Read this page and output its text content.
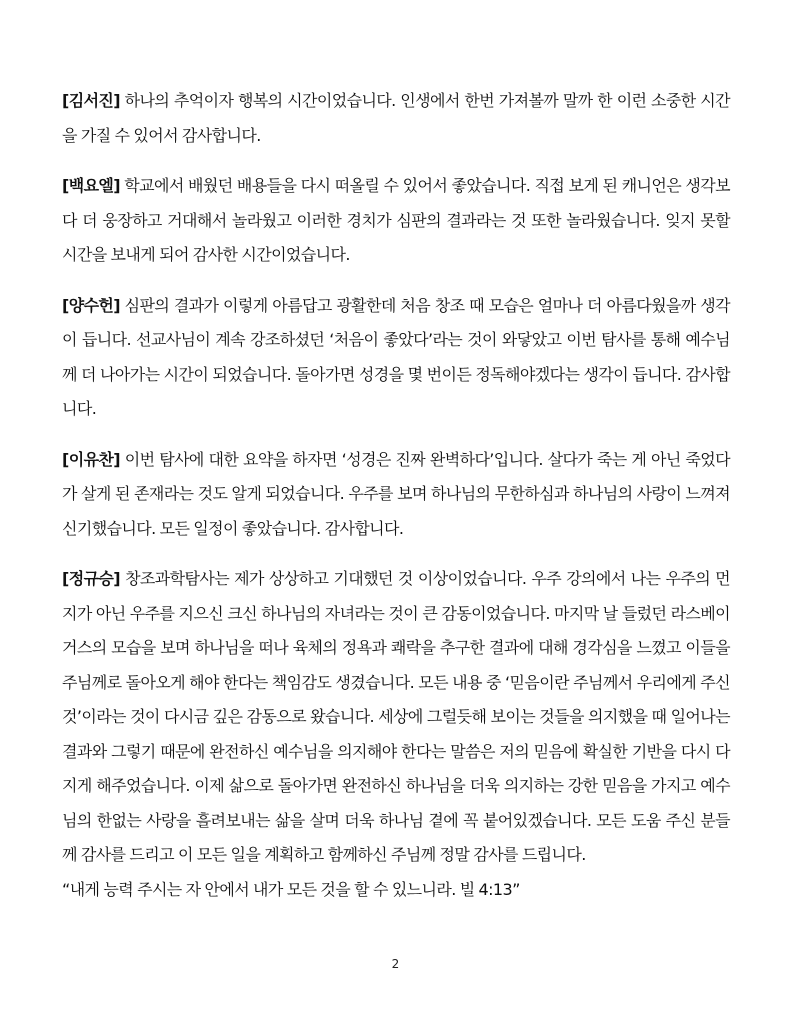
[김서진] 하나의 추억이자 행복의 시간이었습니다. 인생에서 한번 가져볼까 말까 한 이런 소중한 시간을 가질 수 있어서 감사합니다.

[백요엘] 학교에서 배웠던 배용들을 다시 떠올릴 수 있어서 좋았습니다. 직접 보게 된 캐니언은 생각보다 더 웅장하고 거대해서 놀라웠고 이러한 경치가 심판의 결과라는 것 또한 놀라웠습니다. 잊지 못할 시간을 보내게 되어 감사한 시간이었습니다.

[양수헌] 심판의 결과가 이렇게 아름답고 광활한데 처음 창조 때 모습은 얼마나 더 아름다웠을까 생각이 듭니다. 선교사님이 계속 강조하셨던 ‘처음이 좋았다’라는 것이 와닿았고 이번 탐사를 통해 예수님께 더 나아가는 시간이 되었습니다. 돌아가면 성경을 몇 번이든 정독해야겠다는 생각이 듭니다. 감사합니다.

[이유찬] 이번 탐사에 대한 요약을 하자면 ‘성경은 진짜 완벽하다’입니다. 살다가 죽는 게 아닌 죽었다가 살게 된 존재라는 것도 알게 되었습니다. 우주를 보며 하나님의 무한하심과 하나님의 사랑이 느껴져 신기했습니다. 모든 일정이 좋았습니다. 감사합니다.

[정규승] 창조과학탐사는 제가 상상하고 기대했던 것 이상이었습니다. 우주 강의에서 나는 우주의 먼지가 아닌 우주를 지으신 크신 하나님의 자녀라는 것이 큰 감동이었습니다. 마지막 날 들렀던 라스베이거스의 모습을 보며 하나님을 떠나 육체의 정욕과 쾌락을 추구한 결과에 대해 경각심을 느꼈고 이들을 주님께로 돌아오게 해야 한다는 책임감도 생겼습니다. 모든 내용 중 ‘믿음이란 주님께서 우리에게 주신 것’이라는 것이 다시금 깊은 감동으로 왔습니다. 세상에 그럴듯해 보이는 것들을 의지했을 때 일어나는 결과와 그렇기 때문에 완전하신 예수님을 의지해야 한다는 말씀은 저의 믿음에 확실한 기반을 다시 다지게 해주었습니다. 이제 삶으로 돌아가면 완전하신 하나님을 더욱 의지하는 강한 믿음을 가지고 예수님의 한없는 사랑을 흘려보내는 삶을 살며 더욱 하나님 곁에 꼭 붙어있겠습니다. 모든 도움 주신 분들께 감사를 드리고 이 모든 일을 계획하고 함께하신 주님께 정말 감사를 드립니다.

“내게 능력 주시는 자 안에서 내가 모든 것을 할 수 있느니라. 빌 4:13”

2
